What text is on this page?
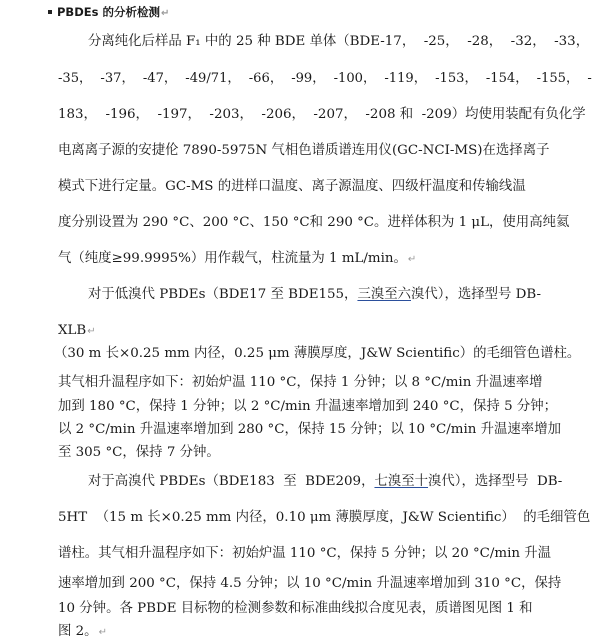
PBDEs 的分析检测↵
分离纯化后样品 F₁ 中的 25 种 BDE 单体（BDE-17，  -25，  -28，  -32，  -33，
-35，  -37，  -47，  -49/71，  -66，  -99，  -100，  -119，  -153，  -154，  -155，  -
183，  -196，  -197，  -203，  -206，  -207，  -208 和  -209）均使用装配有负化学
电离离子源的安捷伦 7890-5975N 气相色谱质谱连用仪(GC-NCI-MS)在选择离子
模式下进行定量。GC-MS 的进样口温度、离子源温度、四级杆温度和传输线温
度分别设置为 290 °C、200 °C、150 °C和 290 °C。进样体积为 1 μL，使用高纯氦
气（纯度≥99.9995%）用作载气，柱流量为 1 mL/min。↵
对于低溴代 PBDEs（BDE17 至 BDE155，三溴至六溴代），选择型号 DB-
XLB↵
（30 m 长×0.25 mm 内径，0.25 μm 薄膜厚度，J&W Scientific）的毛细管色谱柱。
其气相升温程序如下：初始炉温 110 °C，保持 1 分钟；以 8 °C/min 升温速率增
加到 180 °C，保持 1 分钟；以 2 °C/min 升温速率增加到 240 °C，保持 5 分钟；
以 2 °C/min 升温速率增加到 280 °C，保持 15 分钟；以 10 °C/min 升温速率增加
至 305 °C，保持 7 分钟。
对于高溴代 PBDEs（BDE183  至  BDE209，七溴至十溴代），选择型号  DB-
5HT  （15 m 长×0.25 mm 内径，0.10 μm 薄膜厚度，J&W Scientific）  的毛细管色
谱柱。其气相升温程序如下：初始炉温 110 °C，保持 5 分钟；以 20 °C/min 升温
速率增加到 200 °C，保持 4.5 分钟；以 10 °C/min 升温速率增加到 310 °C，保持
10 分钟。各 PBDE 目标物的检测参数和标准曲线拟合度见表，质谱图见图 1 和
图 2。↵
